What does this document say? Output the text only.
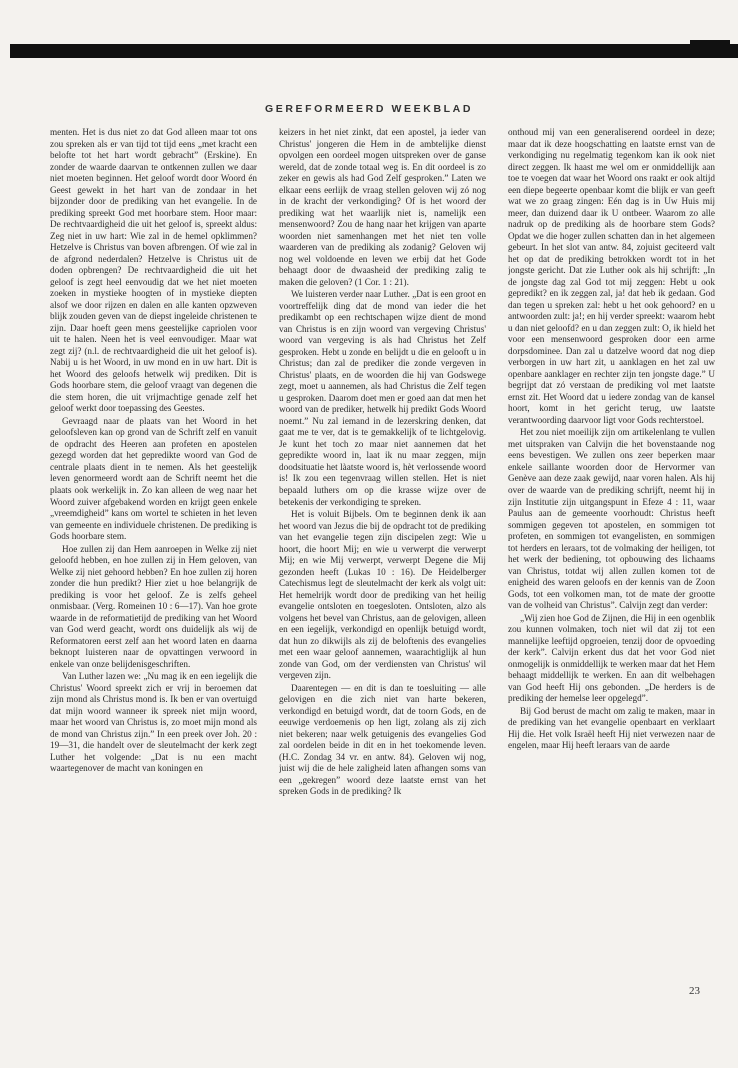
GEREFORMEERD WEEKBLAD

menten. Het is dus niet zo dat God alleen maar tot ons zou spreken als er van tijd tot tijd eens „met kracht een belofte tot het hart wordt gebracht” (Erskine). En zonder de waarde daarvan te ontkennen zullen we daar niet moeten beginnen. Het geloof wordt door Woord én Geest gewekt in het hart van de zondaar in het bijzonder door de prediking van het evangelie. In de prediking spreekt God met hoorbare stem. Hoor maar: De rechtvaardigheid die uit het geloof is, spreekt aldus: Zeg niet in uw hart: Wie zal in de hemel opklimmen? Hetzelve is Christus van boven afbrengen. Of wie zal in de afgrond nederdalen? Hetzelve is Christus uit de doden opbrengen? De rechtvaardigheid die uit het geloof is zegt heel eenvoudig dat we het niet moeten zoeken in mystieke hoogten of in mystieke diepten alsof we door rijzen en dalen en alle kanten opzweven blijk zouden geven van de diepst ingeleide christenen te zijn. Daar hoeft geen mens geestelijke capriolen voor uit te halen. Neen het is veel eenvoudiger. Maar wat zegt zij? (n.l. de rechtvaardigheid die uit het geloof is). Nabij u is het Woord, in uw mond en in uw hart. Dit is het Woord des geloofs hetwelk wij prediken. Dit is Gods hoorbare stem, die geloof vraagt van degenen die die stem horen, die uit vrijmachtige genade zelf het geloof werkt door toepassing des Geestes.

Gevraagd naar de plaats van het Woord in het geloofsleven kan op grond van de Schrift zelf en vanuit de opdracht des Heeren aan profeten en apostelen gezegd worden dat het gepredikte woord van God de centrale plaats dient in te nemen. Als het geestelijk leven genormeerd wordt aan de Schrift neemt het die plaats ook werkelijk in. Zo kan alleen de weg naar het Woord zuiver afgebakend worden en krijgt geen enkele „vreemdigheid” kans om wortel te schieten in het leven van gemeente en individuele christenen. De prediking is Gods hoorbare stem.

Hoe zullen zij dan Hem aanroepen in Welke zij niet geloofd hebben, en hoe zullen zij in Hem geloven, van Welke zij niet gehoord hebben? En hoe zullen zij horen zonder die hun predikt? Hier ziet u hoe belangrijk de prediking is voor het geloof. Ze is zelfs geheel onmisbaar. (Verg. Romeinen 10 : 6—17). Van hoe grote waarde in de reformatietijd de prediking van het Woord van God werd geacht, wordt ons duidelijk als wij de Reformatoren eerst zelf aan het woord laten en daarna beknopt luisteren naar de opvattingen verwoord in enkele van onze belijdenisgeschriften.

Van Luther lazen we: „Nu mag ik en een iegelijk die Christus' Woord spreekt zich er vrij in beroemen dat zijn mond als Christus mond is. Ik ben er van overtuigd dat mijn woord wanneer ik spreek niet mijn woord, maar het woord van Christus is, zo moet mijn mond als de mond van Christus zijn.” In een preek over Joh. 20 : 19—31, die handelt over de sleutelmacht der kerk zegt Luther het volgende: „Dat is nu een macht waartegenover de macht van koningen en

keizers in het niet zinkt, dat een apostel, ja ieder van Christus' jongeren die Hem in de ambtelijke dienst opvolgen een oordeel mogen uitspreken over de ganse wereld, dat de zonde totaal weg is. En dit oordeel is zo zeker en gewis als had God Zelf gesproken.” Laten we elkaar eens eerlijk de vraag stellen geloven wij zó nog in de kracht der verkondiging? Of is het woord der prediking wat het waarlijk niet is, namelijk een mensenwoord? Zou de hang naar het krijgen van aparte woorden niet samenhangen met het niet ten volle waarderen van de prediking als zodanig? Geloven wij nog wel voldoende en leven we erbij dat het Gode behaagt door de dwaasheid der prediking zalig te maken die geloven? (1 Cor. 1 : 21).

We luisteren verder naar Luther. „Dat is een groot en voortreffelijk ding dat de mond van ieder die het predikambt op een rechtschapen wijze dient de mond van Christus is en zijn woord van vergeving Christus' woord van vergeving is als had Christus het Zelf gesproken. Hebt u zonde en belijdt u die en gelooft u in Christus; dan zal de prediker die zonde vergeven in Christus' plaats, en de woorden die hij van Godswege zegt, moet u aannemen, als had Christus die Zelf tegen u gesproken. Daarom doet men er goed aan dat men het woord van de prediker, hetwelk hij predikt Gods Woord noemt.” Nu zal iemand in de lezerskring denken, dat gaat me te ver, dat is te gemakkelijk of te lichtgelovig. Je kunt het toch zo maar niet aannemen dat het gepredikte woord in, laat ik nu maar zeggen, mijn doodsituatie het làatste woord is, hèt verlossende woord is! Ik zou een tegenvraag willen stellen. Het is niet bepaald luthers om op die krasse wijze over de betekenis der verkondiging te spreken.

Het is voluit Bijbels. Om te beginnen denk ik aan het woord van Jezus die bij de opdracht tot de prediking van het evangelie tegen zijn discipelen zegt: Wie u hoort, die hoort Mij; en wie u verwerpt die verwerpt Mij; en wie Mij verwerpt, verwerpt Degene die Mij gezonden heeft (Lukas 10 : 16). De Heidelberger Catechismus legt de sleutelmacht der kerk als volgt uit: Het hemelrijk wordt door de prediking van het heilig evangelie ontsloten en toegesloten. Ontsloten, alzo als volgens het bevel van Christus, aan de gelovigen, alleen en een iegelijk, verkondigd en openlijk betuigd wordt, dat hun zo dikwijls als zij de beloftenis des evangelies met een waar geloof aannemen, waarachtiglijk al hun zonde van God, om der verdiensten van Christus' wil vergeven zijn.

Daarentegen — en dit is dan te toesluiting — alle gelovigen en die zich niet van harte bekeren, verkondigd en betuigd wordt, dat de toorn Gods, en de eeuwige verdoemenis op hen ligt, zolang als zij zich niet bekeren; naar welk getuigenis des evangelies God zal oordelen beide in dit en in het toekomende leven. (H.C. Zondag 34 vr. en antw. 84). Geloven wij nog, juist wij die de hele zaligheid laten afhangen soms van een „gekregen” woord deze laatste ernst van het spreken Gods in de prediking? Ik

onthoud mij van een generaliserend oordeel in deze; maar dat ik deze hoogschatting en laatste ernst van de verkondiging nu regelmatig tegenkom kan ik ook niet direct zeggen. Ik haast me wel om er onmiddellijk aan toe te voegen dat waar het Woord ons raakt er ook altijd een diepe begeerte openbaar komt die blijk er van geeft wat we zo graag zingen: Eén dag is in Uw Huis mij meer, dan duizend daar ik U ontbeer. Waarom zo alle nadruk op de prediking als de hoorbare stem Gods? Opdat we die hoger zullen schatten dan in het algemeen gebeurt. In het slot van antw. 84, zojuist geciteerd valt het op dat de prediking betrokken wordt tot in het jongste gericht. Dat zie Luther ook als hij schrijft: „In de jongste dag zal God tot mij zeggen: Hebt u ook gepredikt? en ik zeggen zal, ja! dat heb ik gedaan. God dan tegen u spreken zal: hebt u het ook gehoord? en u antwoorden zult: ja!; en hij verder spreekt: waarom hebt u dan niet geloofd? en u dan zeggen zult: O, ik hield het voor een mensenwoord gesproken door een arme dorpsdominee. Dan zal u datzelve woord dat nog diep verborgen in uw hart zit, u aanklagen en het zal uw openbare aanklager en rechter zijn ten jongste dage.” U begrijpt dat zó verstaan de prediking vol met laatste ernst zit. Het Woord dat u iedere zondag van de kansel hoort, komt in het gericht terug, uw laatste verantwoording daarvoor ligt voor Gods rechterstoel.

Het zou niet moeilijk zijn om artikelenlang te vullen met uitspraken van Calvijn die het bovenstaande nog eens bevestigen. We zullen ons zeer beperken maar enkele saillante woorden door de Hervormer van Genève aan deze zaak gewijd, naar voren halen. Als hij over de waarde van de prediking schrijft, neemt hij in zijn Institutie zijn uitgangspunt in Efeze 4 : 11, waar Paulus aan de gemeente voorhoudt: Christus heeft sommigen gegeven tot apostelen, en sommigen tot profeten, en sommigen tot evangelisten, en sommigen tot herders en leraars, tot de volmaking der heiligen, tot het werk der bediening, tot opbouwing des lichaams van Christus, totdat wij allen zullen komen tot de enigheid des waren geloofs en der kennis van de Zoon Gods, tot een volkomen man, tot de mate der grootte van de volheid van Christus”. Calvijn zegt dan verder:

„Wij zien hoe God de Zijnen, die Hij in een ogenblik zou kunnen volmaken, toch niet wil dat zij tot een mannelijke leeftijd opgroeien, tenzij door de opvoeding der kerk”. Calvijn erkent dus dat het voor God niet onmogelijk is onmiddellijk te werken maar dat het Hem behaagt middellijk te werken. En aan dit welbehagen van God heeft Hij ons gebonden. „De herders is de prediking der hemelse leer opgelegd”.

Bij God berust de macht om zalig te maken, maar in de prediking van het evangelie openbaart en verklaart Hij die. Het volk Israël heeft Hij niet verwezen naar de engelen, maar Hij heeft leraars van de aarde

23
